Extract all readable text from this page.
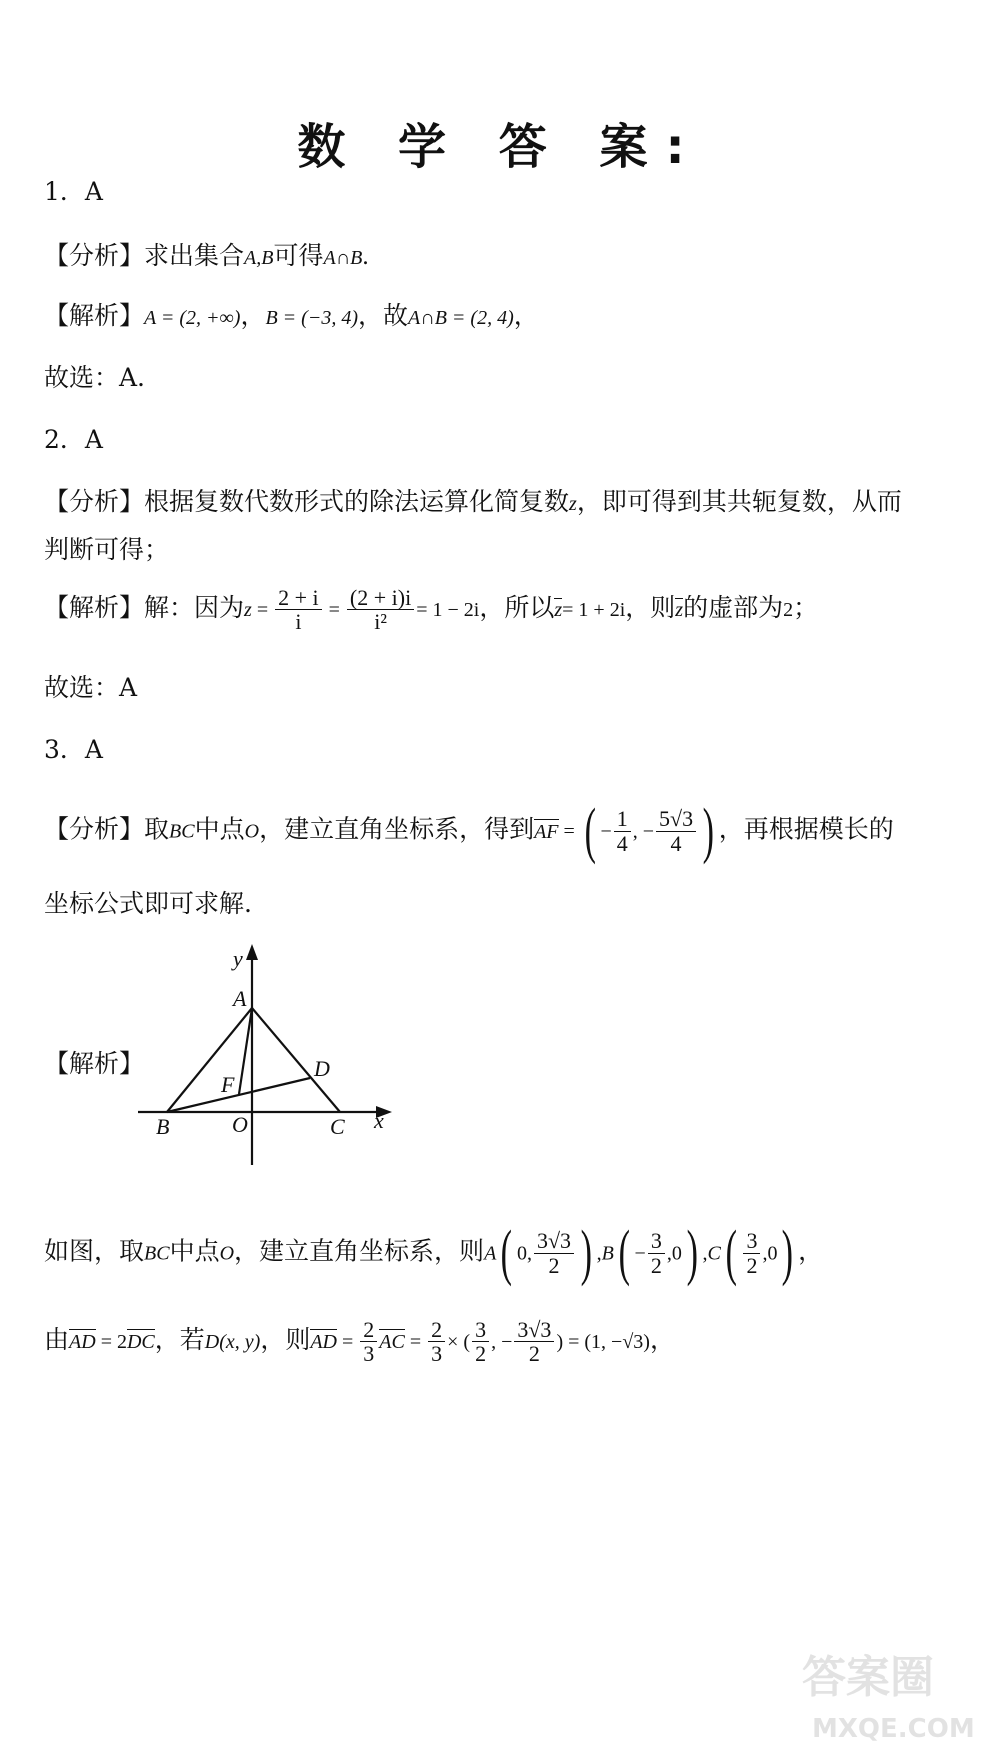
数 学 答 案:
1．A
【分析】求出集合A,B可得A∩B.
【解析】A = (2, +∞)，B = (−3, 4)，故A∩B = (2, 4)，
故选：A.
2．A
【分析】根据复数代数形式的除法运算化简复数z，即可得到其共轭复数，从而
判断可得；
【解析】解：因为$z = \frac{2 + i}{i} = \frac{(2 + i)i}{\text{i²}} = 1 - 2i$，所以z= 1 + 2i，则z的虚部为2；
故选：A
3．A
【分析】取BC中点O，建立直角坐标系，得到AF = ( − $\frac{1}{4}$ , − $\frac{5√3}{4}$ ) ，再根据模长的
坐标公式即可求解.
【解析】
y
x
A
B	C
D
F
O
如图，取BC中点O，建立直角坐标系，则A( 0, $\frac{3√3}{2}$ ) $,B( - \frac{3}{2} ,0)$ $,C( \frac{3}{2} ,0)$ ，
由AD = 2DC，若D(x, y)，则AD = $\frac{2}{3}$ AC = $\frac{2}{3}$ × ( $\frac{3}{2}$ , − $\frac{3√3}{2}$ ) = (1, −√3)，
答案圈
MXQE.COM
